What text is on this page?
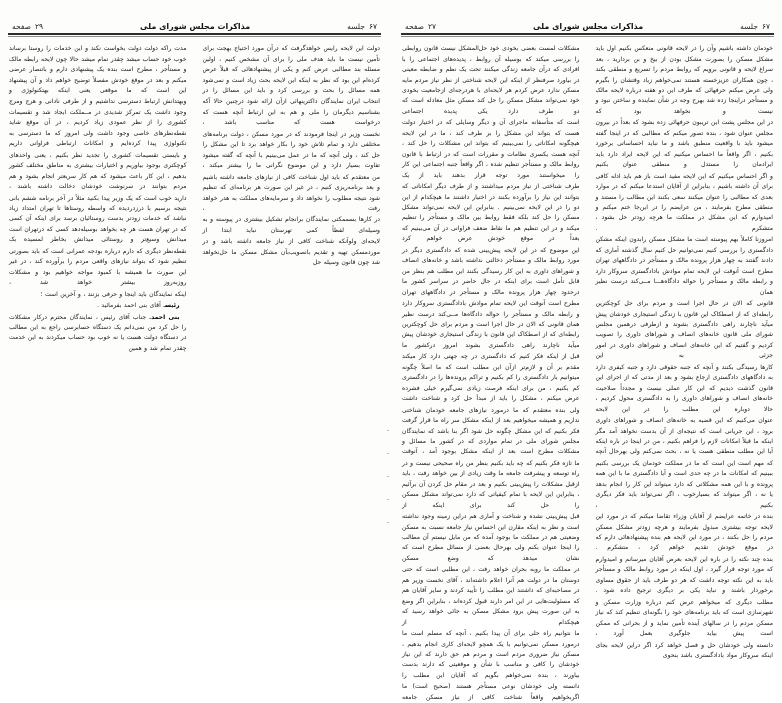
صفحه ۲۷	مذاکرات مجلس شورای ملی	جلسه ۶۷

خودمان داشته باشیم وآن را در لایحه قانونی منعکس بکنیم اول باید مشکل مسکن را بصورت مشکل بودن از بیخ و بن بردارید ، بعد سراغ لایحه و قانونی برویم که روابط مردم را تسریع و منطقی بکند ، چون همکاران عزیزخسته هستند نمی‌خواهم زیاد وقتشان را بگیرم ولی عرض میکنم حرفهائی که طرف این دو هفته درباره لایحه مالک و مستأجر دراینجا زده شد بهرح وجه در شأن نماینده و ساختن نبود و نیست و نخواهد بود که

در این مجلس پشت این تریبون حرفهائی زده بشود که بعداً در بیرون مجلس عنوان شود ، بنده تصور میکنم که مطالبی که در اینجا گفته میشود باید با واقعیت منطبق باشد و ما نباید احساساتی برخورد بکنیم ، اگر واقعاً ما احساس میکنیم که این لایحه ایراد دارد باید ایرادمان را مستدل و منطقی عنوان بکنیم

و اگر احساس میکنیم که این لایحه مفید است باز هم باید ادله کافی برای آن داشته باشیم ، بنابراین از آقایان استدعا میکنم که در موارد بعدی که مطالبی را عنوان میکنند سعی بکنند این مطالب را مستند و منطقی مطرح بفرمایند ، من عرایضم را در این‌جا ختم میکنم و امیدوارم که این مشکل در مملکت ما هرچه زودتر حل بشود ، متشکرم .

امروزنا کاملاً بهم پیوسته است ما مشکل مسکن رابدون اینکه مشکن دادگستری را بررسی کنیم نمی‌توانیم حل کنیم سال گذشته آماری که دادند گفتند به چهار هزار پرونده مالک و مستأجر در دادگاههای تهران مطرح است آنوقت این لایحه تمام موادش بادادگستری سروکار دارد و رابطه مالک و مستأجر را حواله دادگاه‌هـــا مــی‌کند درست نظیر همان

قانونی که الان در حال اجرا است و مردم برای حل کوچکترین رابطه‌ای که از اصطکاک این قانون با زندگی استیجاری خودشان پیش میآید ناچارند راهی دادگستری بشوند و ازطرفی درهمین مجلس شورای ملی قانون خانه‌های انصاف و شوراهای داوری را تصویب کردیم و گفتیم که این خانه‌های انصاف و شوراهای داوری در امور جزئی به این

کارها رسیدگی بکنند و آنچه که جنبه حقوقی دارد و جنبه کیفری دارد به دادگاههای دادگستری ارجاع بشود و بعد از مدتی که از اجرای این قانون گذشت دیدیم که این کار عملی نیست و مجدداً صلاحیت خانه‌های انصاف و شوراهای داوری را به دادگستری محول کردیم ، حالا دوباره این مطلب را در این لایحه

عنوان می‌کنیم که این قضیه به خانه‌های انصاف و شوراهای داوری برود ، این جریانی است که نتیجه‌ای از آن بدست نخواهد آمد مگر اینکه ما قبلاً امکانات لازم را فراهم بکنیم ، من در اینجا در باره اینکه آیا این مطلب منطقی هست یا نه ، بحث نمی‌کنم ولی بهرحال آنچه

که مهم است این است که ما در مملکت خودمان یک بررسی بکنیم ببینیم که امکانات ما در چه حدی است و آیا دادگستری ما با این همه پرونده و با این همه مشکلاتی که دارد میتواند این کار را انجام بدهد یا نه ، اگر میتواند که بسیارخوب ، اگر نمی‌تواند باید فکر دیگری بکنیم ،

بنده در خاتمه عرایضم از آقایان وزراء تقاضا میکنم که در مورد این لایحه توجه بیشتری مبذول بفرمایند و هرچه زودتر مشکل مسکن مردم را حل بکنند ، در مورد این لایحه هم بنده پیشنهادهائی دارم که در موقع خودش تقدیم خواهم کرد ، متشکرم .

بنده چند نکته را در باره این لایحه بعرض آقایان میرسانم و امیدوارم که مورد توجه قرار گیرد ، اول اینکه در مورد روابط مالک و مستأجر باید به این نکته توجه داشت که هر دو طرف باید از حقوق مساوی برخوردار باشند و نباید یکی بر دیگری ترجیح داده شود .

مطلب دیگری که میخواهم عرض کنم درباره وزارت مسکن و شهرسازی است که باید برنامه‌های خود را بگونه‌ای تنظیم کند که نیاز مسکن مردم را در سالهای آینده تأمین نماید و از بحرانی که ممکن است پیش بیاید جلوگیری بعمل آورد ،

دانسته ولی خودشان حل و فصل خواهد کرد اگر دراین لایحه بجای اینکه سروکار مواد بادادگستری باشد بنحوی

مشکلات لمست بعضی بخودی خود حل‌المشکل نیست قانون روابطی را بررسی میکند که بوسیله آن روابط ، پدیده‌های اجتماعی را با افرادی که درآن جامعه زندگی میکنند تحت یک نظم و ضابطه معینی در بیاورد صرفنظر از اینکه این لایحه شناختی از نظر نیاز مردم مایه مسکن ندارد عرض کردم هر لایحه‌ای با هردرجه‌ای ازجامعیت بخودی خود نمی‌تواند مشکل مسکن را حل کند مسکن مثل معادله است که دو طرف دارد یکی پدیده اجتماعی

است که متأسفانه ماجرای آن و دیگر وسایلی که در اختیار دولت هست که بتواند این مشکل را بر طرف کند ، ما در این لایحه هیچگونه امکاناتی را نمی‌بینیم که بتواند این مشکلات را حل کند ، آنچه هست یکسری نظامات و مقررات است که در ارتباط با قانون روابط مالک و مستأجر تنظیم شده ، اگر واقعاً جنبه اجتماعی این کار را میخواستند مورد توجه قرار بدهند باید از یک

طرف شناختی از نیاز مردم میداشتند و از طرف دیگر امکاناتی که بتوانند این نیاز را برآورده بکنند در اختیار داشتند ما هیچکدام از این دو را در این لایحه نمی‌بینیم . بنابراین این لایحه نمی‌تواند مشکل مسکن را حل کند بلکه فقط روابط بین مالک و مستأجر را تنظیم میکند و در این تنظیم هم ما نقاط ضعف فراوانی در آن می‌بینیم که بعداً در موقع خودش عرض خواهم کرد

این موضوع که در این لایحه پیش‌بینی شده که دادگستری دیگر در مورد روابط مالک و مستأجر دخالتی نداشته باشد و خانه‌های انصاف و شوراهای داوری به این کار رسیدگی بکنند این مطلب هم بنظر من قابل تأمل است برای اینکه در حال حاضر در سراسر کشور ما درحدود چهار هزار پرونده مالک و مستأجر در دادگاههای تهران

مطرح است آنوقت این لایحه تمام موادش بادادگستری سروکار دارد و رابطه مالک و مستأجر را حواله دادگاه‌ها مــی‌کند درست نظیر همان قانونی که الان در حال اجرا است و مردم برای حل کوچکترین رابطه‌ای که از اصطکاک این قانون با زندگی استیجاری خودشان پیش میآید ناچارند راهی دادگستری بشوند امروز درکشور ما

قبل از اینکه فکر کنیم که دادگستری در چه جهتی دارد کار میکند مقدم بر آن و لازم‌تر ازآن این مطلب است که ما اصلاً چگونه میتوانیم بار دادگستری را کم بکنیم و تراکم پرونده‌ها را در دادگستری کم بکنیم ، من برای اینکه فرصت زیادی نمی‌گیرم خیلی فشرده عرض میکنم ، مشکل را باید از مبدأ حل کرد و شناخت داشت

ولی بنده معتقدم که ما درمورد نیازهای جامعه خودمان شناختی نداریم و همیشه میخواهیم بعد از اینکه مشکل سر راه ما قرار گرفت فکر بکنیم که این مشکل چگونه حل شود اگر بنا باشد که نمایندگان مجلس شورای ملی در تمام مواردی که در کشور ما مسائل و مشکلات مطرح است بعد از اینکه مشکل بوجود آمد ، آنوقت

ما تازه فکر بکنیم که چه باید بکنیم بنظر من راه صحیحی نیست و در راه توسعه و پیشرفت جامعه ما وقت زیادی از بین خواهد رفت ، باید ازقبل مشکلات را پیش‌بینی بکنیم و بعد در مقام حل کردن آن برآئیم ، بنابراین این لایحه با تمام کیفیاتی که دارد نمی‌تواند مشکل مسکن را حل کند برای اینکه از

قبل پیش‌بینی نشده و شناخت و آماری هم دراین زمینه وجود نداشته است و نظر به اینکه مقارن این احساس نیاز جامعه نسبت به مسکن وضعیتی هم در مملکت ما بوجود آمده که من مایل نیستم آن مطالب را اینجا عنوان بکنم ولی بهرحال بعضی از مسائل مطرح است که نشان میدهد که وضع مسکن

در مملکت ما روبه بحران خواهد رفت ، این مطلبی است که حتی دوستان ما در دولت هم آنرا اعلام داشته‌اند ، آقای نخست وزیر هم در مصاحبه‌ای که داشتند این مطلب را تأیید کردند و سایر آقایان هم که مسئولیت‌هایی در این امر دارند قبول کرده‌اند ، بنابراین اگر وضع به این صورت پیش برود مشکل مسکن به جائی خواهد رسید که هیچکدام از

ما نتوانیم راه حلی برای آن پیدا بکنیم ، آنچه که مسلم است ما درمورد مسکن نمی‌توانیم با یک همچو لایحه‌ای کاری انجام بدهیم ، مسکن نیاز ضروری مردم است و مردم هم حق دارند که این نیاز خودشان را کافی و مناسب با شأن و موقعیتی که دارند بدست بیاورند ، بنده نمی‌خواهم بگویم که آقایان این مطلب را

دانسته ولی خودشان نوعی مستأجر هستند (صحیح است) ما اگربخواهیم واقعاً شناخت کافی از نیاز مسکن جامعه

صفحه ۲۹	مذاکرات مجلس شورای ملی	جلسه ۶۷

دولت این لایحه رایس خواهدگرفت که درآن مورد احتیاج بهجت برای تأمین نیست ما باید هدف ملی را برای آن مشخص کنیم ، اولین مسئله بند مطالبی عرض کنم و یکی از پیشنهادهائی که قبلاً عرض کرده‌ام این بود که نظر به اینکه این لایحه بحث زیاد است و نمی‌شود همه مسائل را بحث و بررسی کرد و باید این مسائل را در

انتخاب ایران نمایندگان داکترینهائی ازآن ارائه شود درچنین حالا آکه بشناسیم دیگرمان را ملی و هم به این ارتباط آنچه هست که درخواست هست که مناسب باشد ،

نخست وزیر در اینجا فرمودند که در مورد مسکن ، دولت برنامه‌های مختلفی دارد و تمام تلاش خود را بکار خواهد برد تا این مشکل را حل کند ، ولی آنچه که ما در عمل می‌بینیم با آنچه که گفته میشود تفاوت بسیار دارد و این موضوع نگرانی ما را بیشتر میکند ،

من معتقدم که باید اول شناخت کافی از نیازهای جامعه داشته باشیم و بعد برنامه‌ریزی کنیم ، در غیر این صورت هر برنامه‌ای که تنظیم شود نتیجه مطلوب را نخواهد داد و سرمایه‌های مملکت به هدر خواهد رفت ،

در کارها بسممکتی نمایندگان برانجام تشکیل بیشتری در پیوسته و به وسیله‌ای لفظاً کمی تهرستان نباید ابتدا از

لایحه‌ای ولوآنکه شناخت کافی از نیاز جامعه داشته باشد و در موردمسکن تهیه و تقدیم بانصویب‌بآن مشکل مسکن ما حل‌نخواهد شد چون قانون وسیله حل

مدت راکه دولت دولت بخواست نکند و این خدمات را روستا برساند خوب خود حساب میشد چقدر تمام میشد حالا چون لایحه رابطه مالک و مستأجر ، مطرح است بنده یک پیشنهادی دارم و باتنصار عرضی میکنم و بعد در موقع خودش مفصلاً توضیح خواهم داد و آن پیشنهاد این است که ما موقعی یعنی اینکه بهتکنولوژی و

وبهتدانش ارتباط دسترسی نداشتیم و از طرفی نادانی و هرج ومرج وجود داشت یک تمرکز شدیدی در مــملکت ایجاد شد و تقسیمات کشوری را از نظر عمودی زیاد کردیم ، در آن موقع شاید نقطه‌نظرهای خاصی وجود داشت ولی امروز که ما دسترسی به تکنولوژی پیدا کرده‌ایم و امکانات ارتباطی فراوانی داریم

و بایستی تقسیمات کشوری را تجدید نظر بکنیم ، یعنی واحدهای کوچکتری بوجود بیاوریم و اختیارات بیشتری به مناطق مختلف کشور بدهیم ، این کار باعث میشود که هم کار سریعتر انجام بشود و هم مردم بتوانند در سرنوشت خودشان دخالت داشته باشند ،

دارید خوب است که یک وزیر پیدا بکنید مثلاً در آخر برنامه ششم بانی نتیجه برسیم با درزدردیده که واسطه روستاها تا تهران امتداد زیاد نباشد که خدمات زودتر بدست روستائیان برسد برای اینکه آن کسی که در تهران هست هر چه بخواهد بوسیله‌دهد کسی که درتهران است میدانش وسیع‌تر و روستائی میدانش بخاطر لمسیده بک

نقطه‌نظر دیگری که دارم درباره بودجه عمرانی است که باید بصورتی تنظیم شود که بتواند نیازهای واقعی مردم را برآورده کند ، در غیر این صورت ما همیشه با کمبود مواجه خواهیم بود و مشکلات روزبه‌روز بیشتر خواهد شد ،

اینکه نمایندگان باید اینجا و حرفی بزنند ، و آخرین است ؛

رئیسـ آقای بنی احمد بفرمائید .

بنی احمدـ جناب آقای رئیس ، نمایندگان محترم درکار مشکلات را حل کرد من نمی‌دانم یک دستگاه حسابرسی راجع به این مطالب در دستگاه دولت هست یا نه خوب بود حساب میکردند به این خدمت چقدر تمام شد و همین
